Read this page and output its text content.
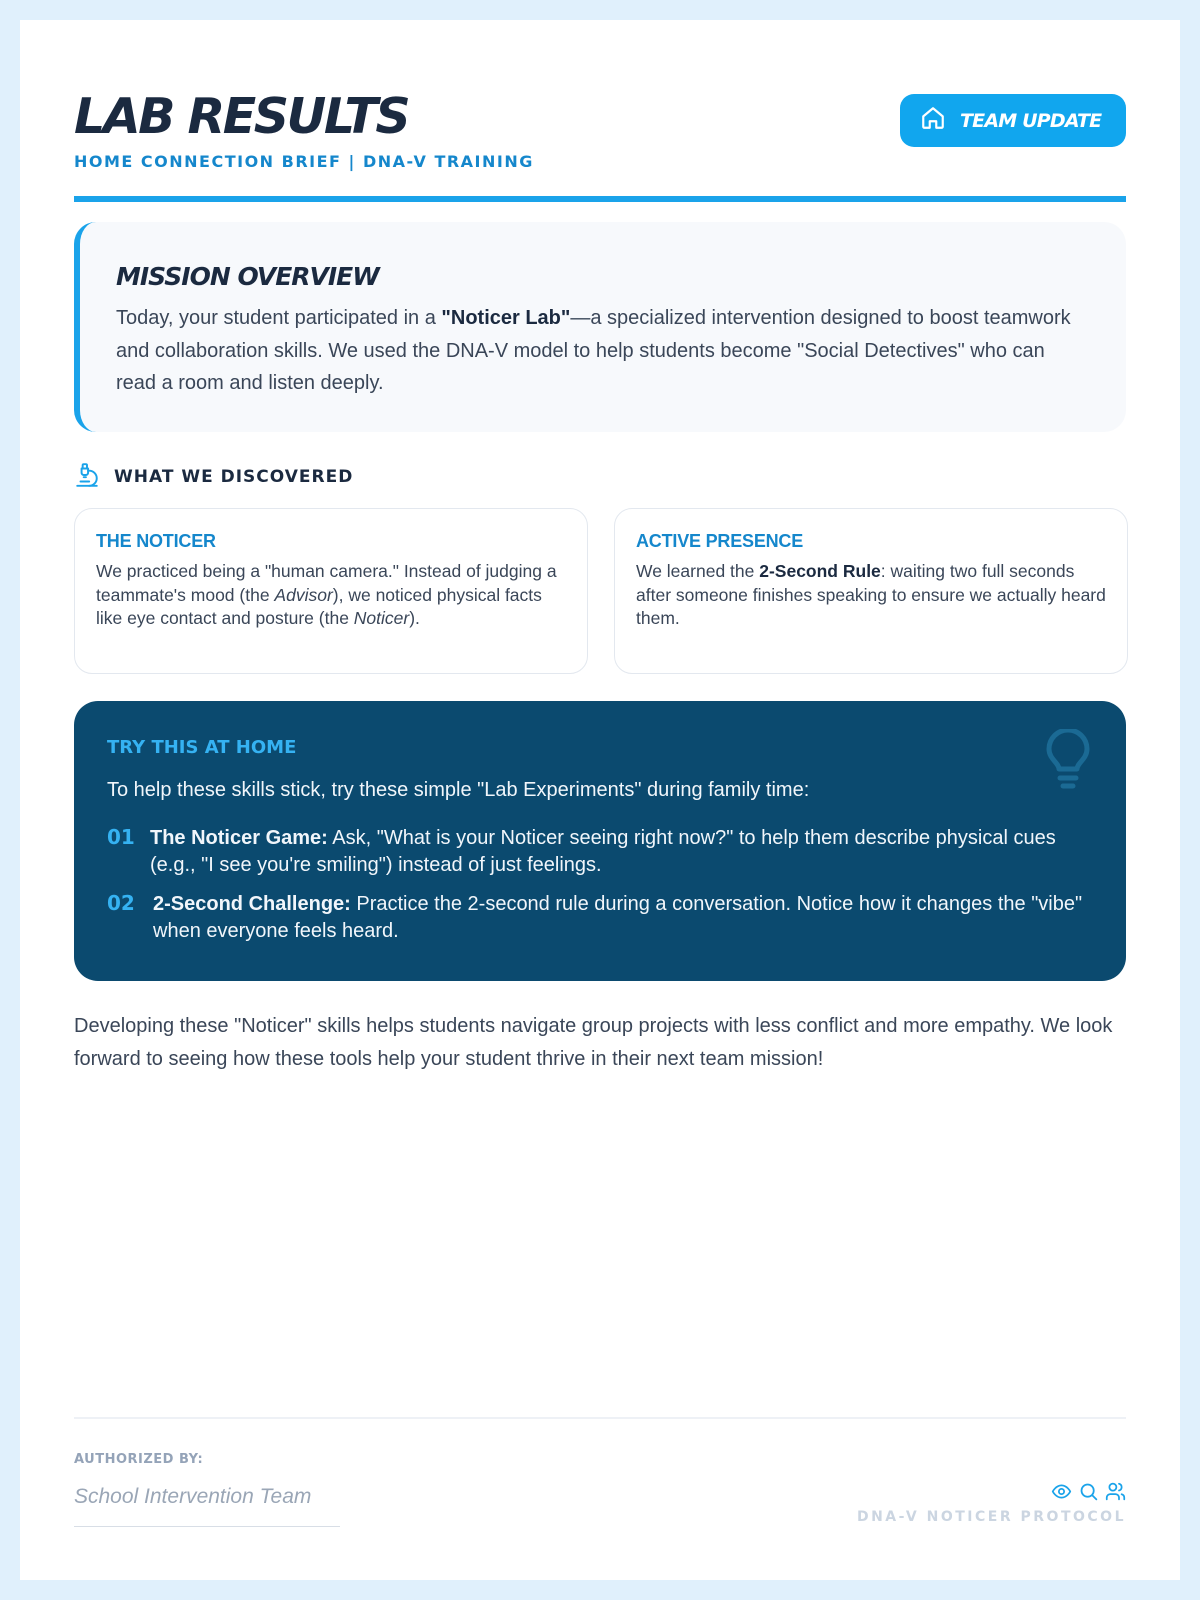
LAB RESULTS
HOME CONNECTION BRIEF | DNA-V TRAINING
TEAM UPDATE
MISSION OVERVIEW

Today, your student participated in a "Noticer Lab"—a specialized intervention designed to boost teamwork and collaboration skills. We used the DNA-V model to help students become "Social Detectives" who can read a room and listen deeply.

WHAT WE DISCOVERED
THE NOTICER

We practiced being a "human camera." Instead of judging a teammate's mood (the Advisor), we noticed physical facts like eye contact and posture (the Noticer).

ACTIVE PRESENCE

We learned the 2-Second Rule: waiting two full seconds after someone finishes speaking to ensure we actually heard them.

TRY THIS AT HOME
To help these skills stick, try these simple "Lab Experiments" during family time:
01 The Noticer Game: Ask, "What is your Noticer seeing right now?" to help them describe physical cues (e.g., "I see you're smiling") instead of just feelings.
02 2-Second Challenge: Practice the 2-second rule during a conversation. Notice how it changes the "vibe" when everyone feels heard.
Developing these "Noticer" skills helps students navigate group projects with less conflict and more empathy. We look forward to seeing how these tools help your student thrive in their next team mission!
AUTHORIZED BY:
School Intervention Team
DNA-V NOTICER PROTOCOL
